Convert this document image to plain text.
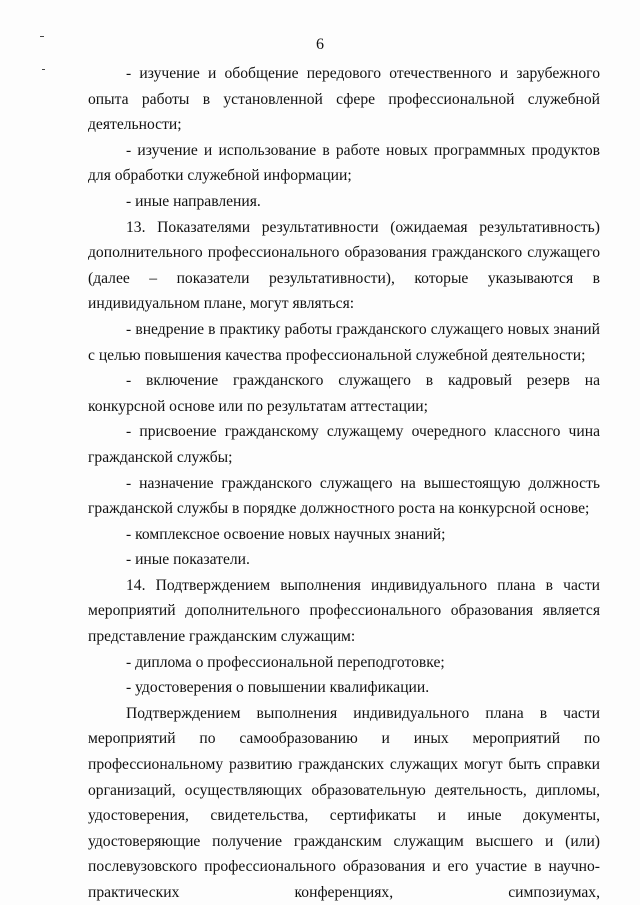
6

- изучение и обобщение передового отечественного и зарубежного опыта работы в установленной сфере профессиональной служебной деятельности;

- изучение и использование в работе новых программных продуктов для обработки служебной информации;

- иные направления.

13. Показателями результативности (ожидаемая результативность) дополнительного профессионального образования гражданского служащего (далее – показатели результативности), которые указываются в индивидуальном плане, могут являться:

- внедрение в практику работы гражданского служащего новых знаний с целью повышения качества профессиональной служебной деятельности;

- включение гражданского служащего в кадровый резерв на конкурсной основе или по результатам аттестации;

- присвоение гражданскому служащему очередного классного чина гражданской службы;

- назначение гражданского служащего на вышестоящую должность гражданской службы в порядке должностного роста на конкурсной основе;

- комплексное освоение новых научных знаний;

- иные показатели.

14. Подтверждением выполнения индивидуального плана в части мероприятий дополнительного профессионального образования является представление гражданским служащим:

- диплома о профессиональной переподготовке;

- удостоверения о повышении квалификации.

Подтверждением выполнения индивидуального плана в части мероприятий по самообразованию и иных мероприятий по профессиональному развитию гражданских служащих могут быть справки организаций, осуществляющих образовательную деятельность, дипломы, удостоверения, свидетельства, сертификаты и иные документы, удостоверяющие получение гражданским служащим высшего и (или) послевузовского профессионального образования и его участие в научно-практических конференциях, симпозиумах,
